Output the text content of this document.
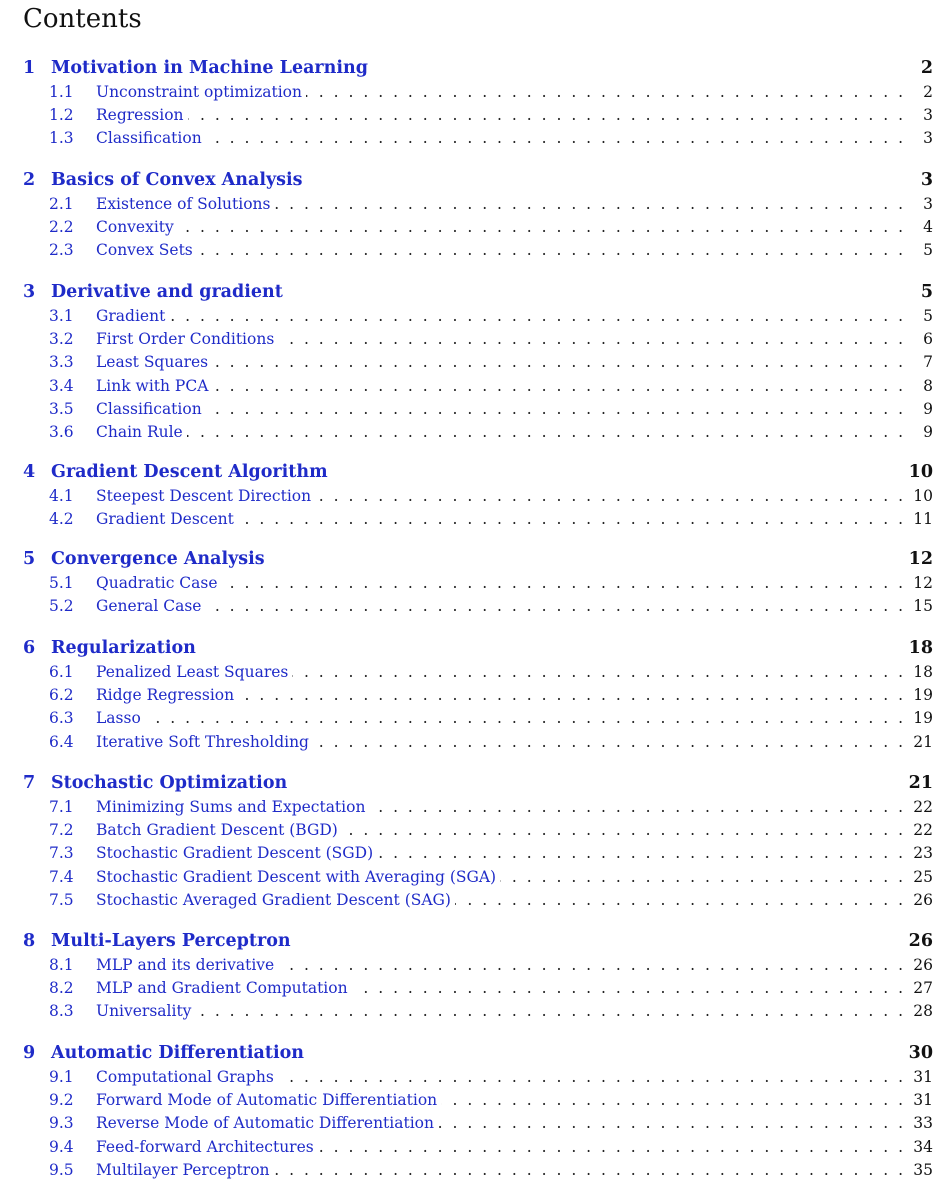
Contents
1 Motivation in Machine Learning	2
. . .
1.1 Unconstraint optimization	2
. . .
1.2 Regression	3
. . .
1.3 Classification	3
2 Basics of Convex Analysis	3
. . .
2.1 Existence of Solutions	3
. . .
2.2 Convexity	4
. . .
2.3 Convex Sets	5
3 Derivative and gradient	5
. . .
3.1 Gradient	5
. . .
3.2 First Order Conditions	6
. . .
3.3 Least Squares	7
. . .
3.4 Link with PCA	8
. . .
3.5 Classification	9
. . .
3.6 Chain Rule	9
4 Gradient Descent Algorithm	10
. . .
4.1 Steepest Descent Direction	10
. . .
4.2 Gradient Descent	11
5 Convergence Analysis	12
. . .
5.1 Quadratic Case	12
. . .
5.2 General Case	15
6 Regularization	18
. . .
6.1 Penalized Least Squares	18
. . .
6.2 Ridge Regression	19
. . .
6.3 Lasso	19
. . .
6.4 Iterative Soft Thresholding	21
7 Stochastic Optimization	21
. . .
7.1 Minimizing Sums and Expectation	22
. . .
7.2 Batch Gradient Descent (BGD)	22
. . .
7.3 Stochastic Gradient Descent (SGD)	23
. . .
7.4 Stochastic Gradient Descent with Averaging (SGA)	25
. . .
7.5 Stochastic Averaged Gradient Descent (SAG)	26
8 Multi-Layers Perceptron	26
. . .
8.1 MLP and its derivative	26
. . .
8.2 MLP and Gradient Computation	27
. . .
8.3 Universality	28
9 Automatic Differentiation	30
. . .
9.1 Computational Graphs	31
. . .
9.2 Forward Mode of Automatic Differentiation	31
. . .
9.3 Reverse Mode of Automatic Differentiation	33
. . .
9.4 Feed-forward Architectures	34
. . .
9.5 Multilayer Perceptron	35
